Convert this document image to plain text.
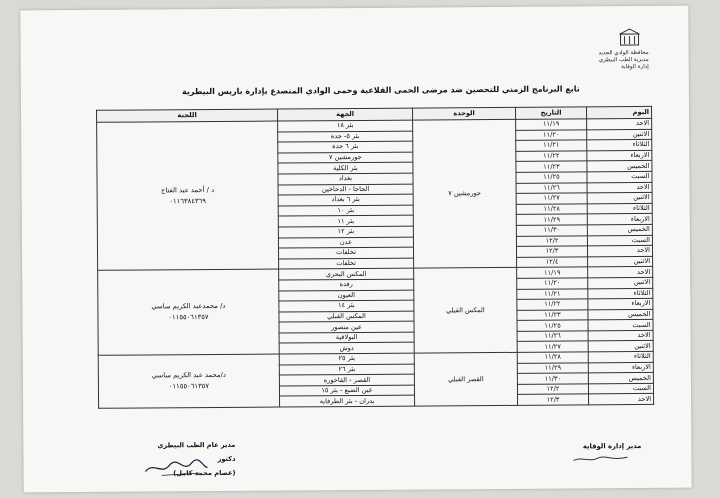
محافظة الوادي الجديد
مديرية الطب البيطري
إدارة الوقاية
تابع البرنامج الزمني للتحصين ضد مرضى الحمى القلاعية وحمى الوادي المتصدع بإدارة باريس البيطرية
اليوم	التاريخ	الوحدة	الجهة	اللجنة
الاحد	١١/١٩	جورمشين ٧	بئر ١٨	د / أحمد عبد الفتاح
٠١١٦٣٨٤٣٦٩

الاثنين	١١/٢٠		بئر ٥- جدة	
الثلاثاء	١١/٢١		بئر ٦ جدة	
الاربعاء	١١/٢٢		جورمشين ٧	
الخميس	١١/٢٣		بئر الكلية	
السبت	١١/٢٥		بغداد	
الاحد	١١/٢٦		الجاجا - الدخاخين	
الاثنين	١١/٢٧		بئر ٦ بغداد	
الثلاثاء	١١/٢٨		بئر ١٠	
الاربعاء	١١/٢٩		بئر ١١	
الخميس	١١/٣٠		بئر ١٢	
السبت	١٢/٢		عدن	
الاحد	١٢/٣		تخلفات	
الاثنين	١٢/٤		تخلفات	
الاحد	١١/١٩	المكس القبلي	المكس البحري	د/ محمدعبد الكريم ساسي
٠١١٥٥٠٦١٣٥٧

الاثنين	١١/٢٠		رفدة	
الثلاثاء	١١/٢١		العيون	
الاربعاء	١١/٢٢		بئر ١٤	
الخميس	١١/٢٣		المكس القبلي	
السبت	١١/٢٥		عين منصور	
الاحد	١١/٢٦		البولاقية	
الاثنين	١١/٢٧		دوش	
الثلاثاء	١١/٢٨	القصر القبلي	بئر ٢٥	د/محمد عبد الكريم ساسي
٠١١٥٥٠٦١٣٥٧

الاربعاء	١١/٢٩		بئر ٢٦	
الخميس	١١/٣٠		القصر - القاخورة	
السبت	١٢/٢		عين الضبع - بئر ١٥	
الاحد	١٢/٣		بدران - بئر الطرفاية	
مدير إدارة الوقاية
مدير عام الطب البيطري
دكتور
(عصام محمد كامل)
